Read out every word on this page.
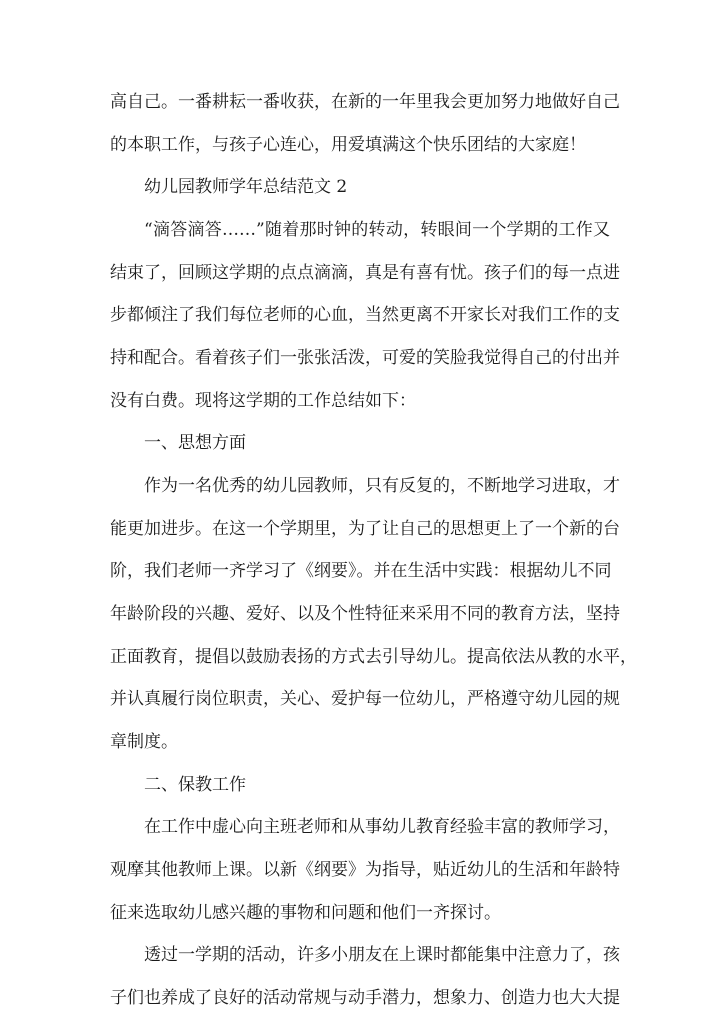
高自己。一番耕耘一番收获，在新的一年里我会更加努力地做好自己
的本职工作，与孩子心连心，用爱填满这个快乐团结的大家庭！
幼儿园教师学年总结范文 2
“滴答滴答……”随着那时钟的转动，转眼间一个学期的工作又
结束了，回顾这学期的点点滴滴，真是有喜有忧。孩子们的每一点进
步都倾注了我们每位老师的心血，当然更离不开家长对我们工作的支
持和配合。看着孩子们一张张活泼，可爱的笑脸我觉得自己的付出并
没有白费。现将这学期的工作总结如下：
一、思想方面
作为一名优秀的幼儿园教师，只有反复的，不断地学习进取，才
能更加进步。在这一个学期里，为了让自己的思想更上了一个新的台
阶，我们老师一齐学习了《纲要》。并在生活中实践：根据幼儿不同
年龄阶段的兴趣、爱好、以及个性特征来采用不同的教育方法，坚持
正面教育，提倡以鼓励表扬的方式去引导幼儿。提高依法从教的水平，
并认真履行岗位职责，关心、爱护每一位幼儿，严格遵守幼儿园的规
章制度。
二、保教工作
在工作中虚心向主班老师和从事幼儿教育经验丰富的教师学习，
观摩其他教师上课。以新《纲要》为指导，贴近幼儿的生活和年龄特
征来选取幼儿感兴趣的事物和问题和他们一齐探讨。
透过一学期的活动，许多小朋友在上课时都能集中注意力了，孩
子们也养成了良好的活动常规与动手潜力，想象力、创造力也大大提
